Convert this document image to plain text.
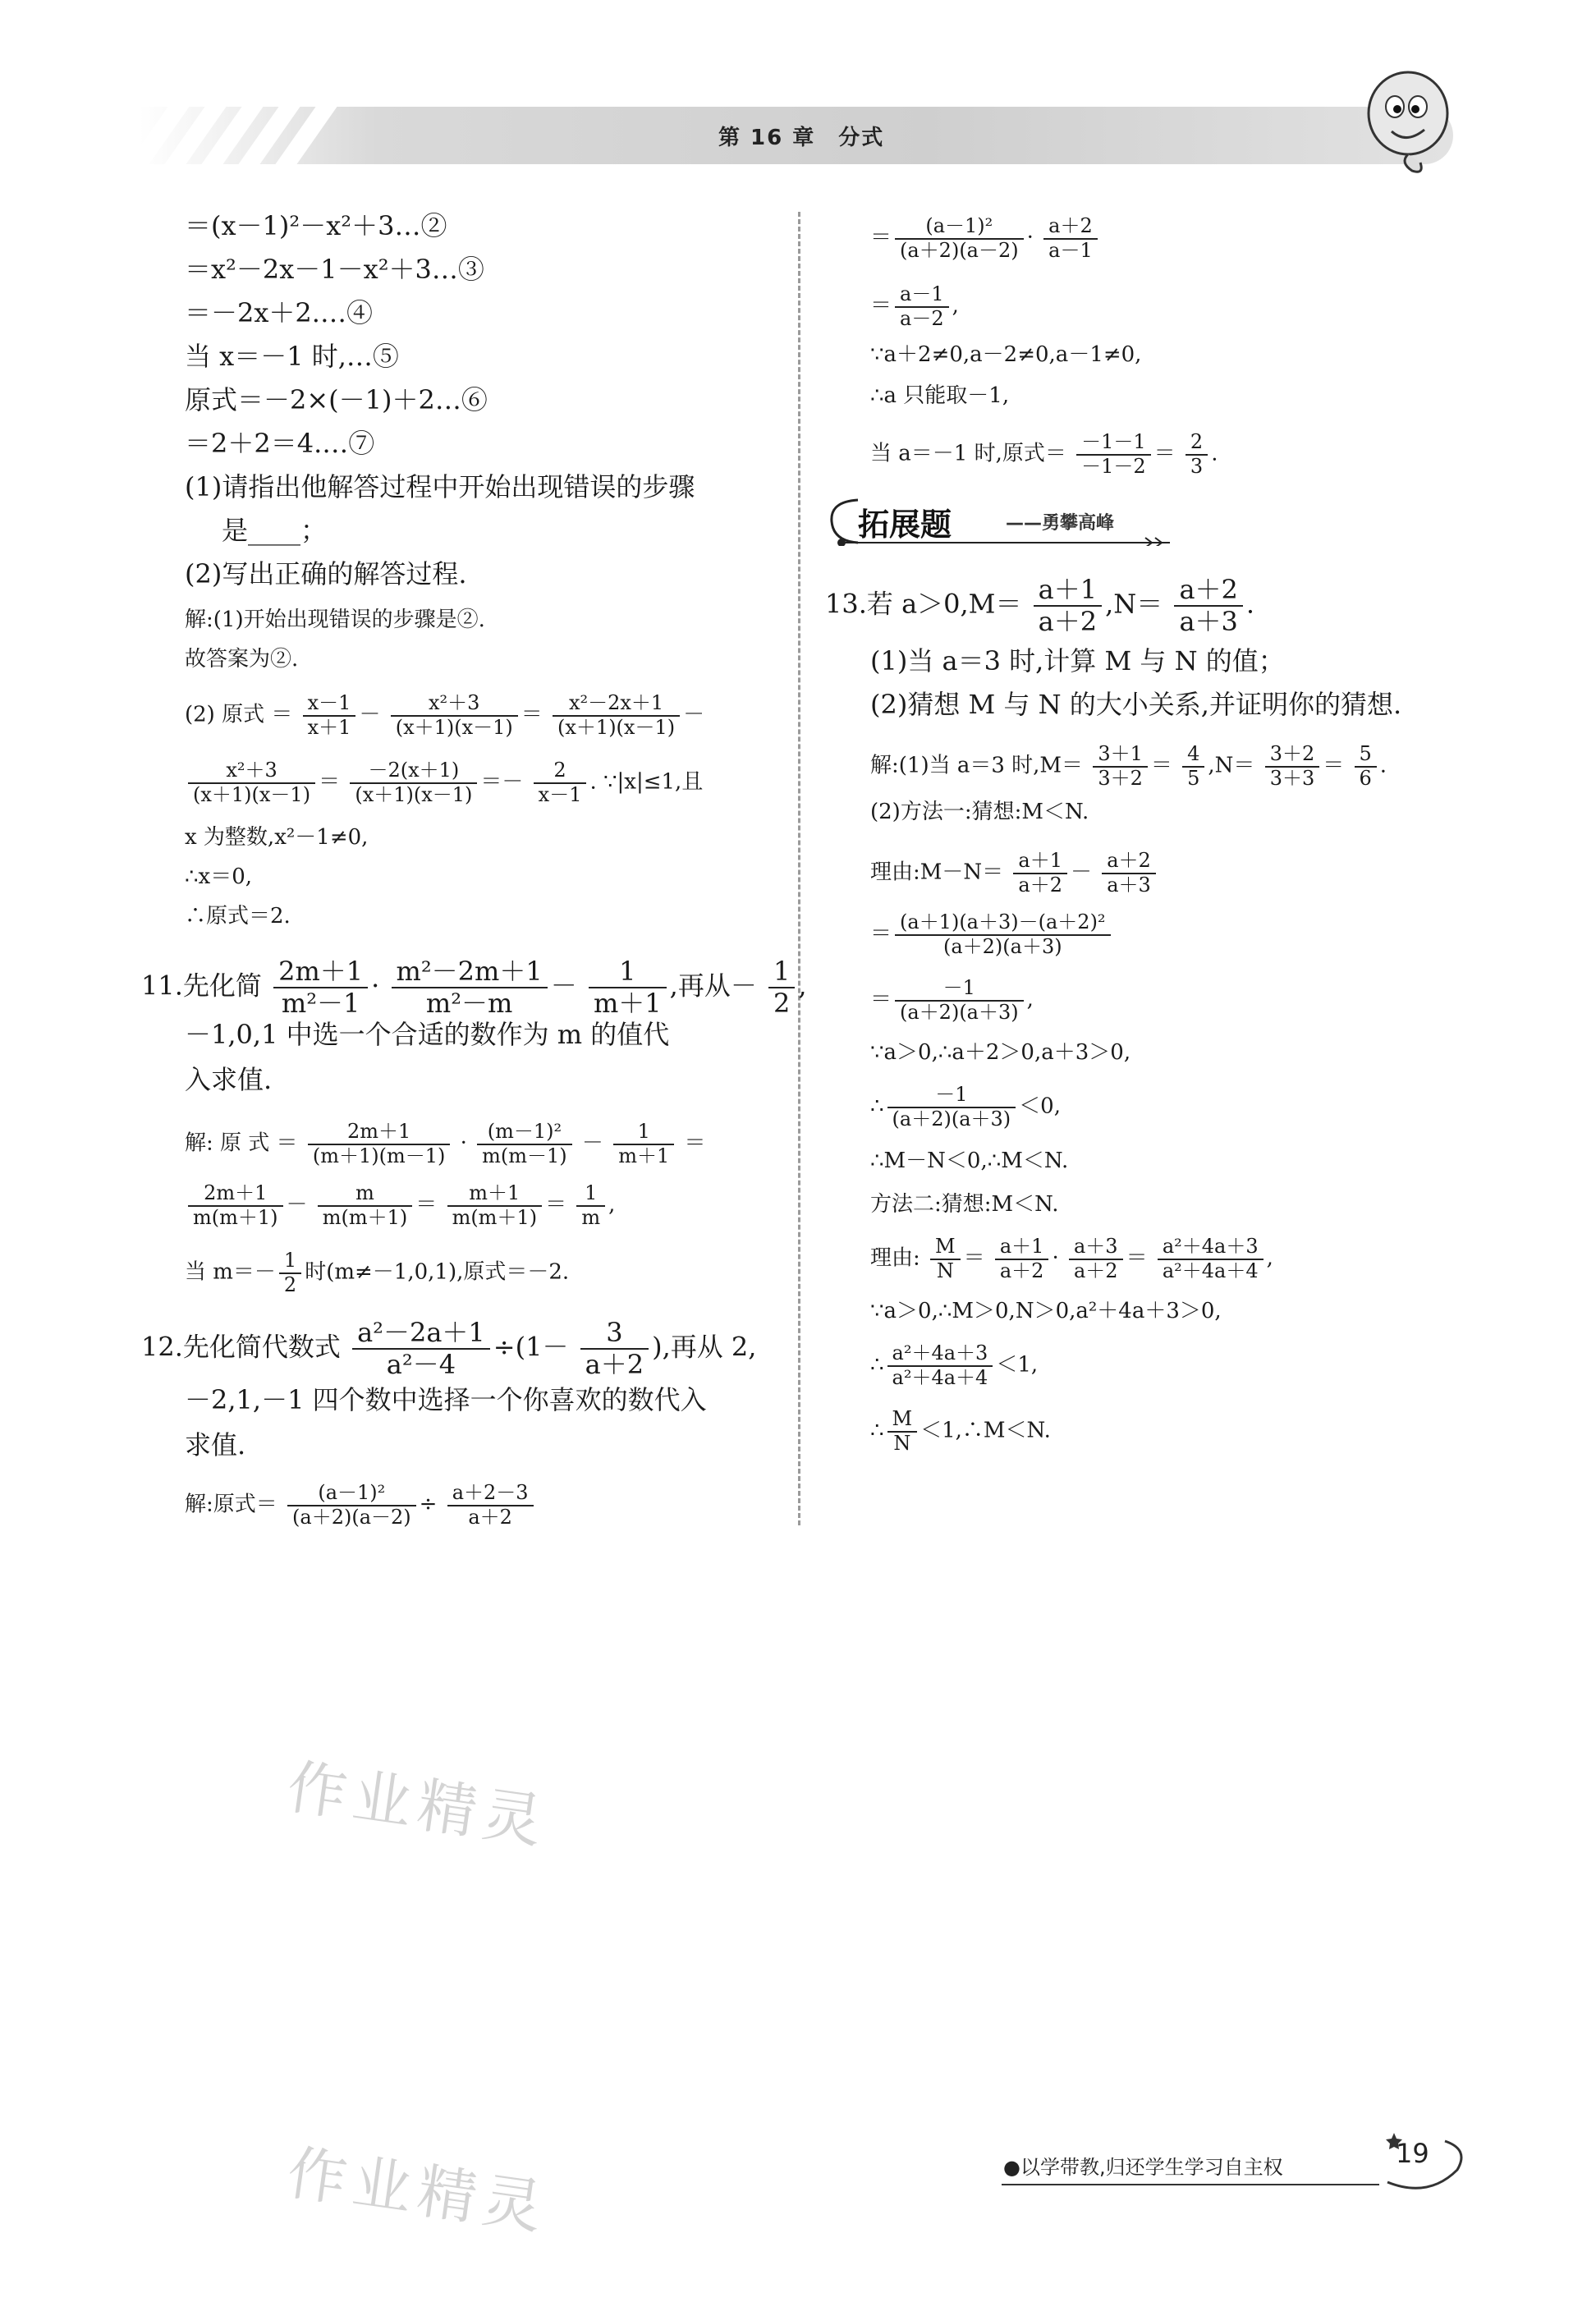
第 16 章　分式
＝(x－1)²－x²＋3…②
＝x²－2x－1－x²＋3…③
＝－2x＋2.…④
当 x＝－1 时,…⑤
原式＝－2×(－1)＋2…⑥
＝2＋2＝4.…⑦
(1)请指出他解答过程中开始出现错误的步骤
是____；
(2)写出正确的解答过程.
解:(1)开始出现错误的步骤是②.
故答案为②.
(2) 原式 ＝ $\frac{x-1}{x+1} - \frac{\text{x²＋3}}{(x+1)(x-1)} = \frac{\text{x²－2x＋1}}{(x+1)(x-1)}$ －
$\frac{\text{x²＋3}}{(x+1)(x-1)} = \frac{-2(x+1)}{(x+1)(x-1)} =- \frac{2}{x-1}$ . ∵|x|≤1,且
x 为整数,x²－1≠0,
∴x＝0,
∴原式＝2.
11.先化简 $\frac{2m+1}{\text{m²－1}} \cdot \frac{\text{m²－2m＋1}}{\text{m²－m}} - \frac{1}{m+1}$ ,再从－ $\frac{1}{2}$ ,
－1,0,1 中选一个合适的数作为 m 的值代
入求值.
解: 原 式 ＝ $\frac{2m+1}{(m+1)(m-1)} \cdot \frac{\text{(m－1)²}}{m(m-1)} - \frac{1}{m+1}$ ＝
$\frac{2m+1}{m(m+1)} - \frac{m}{m(m+1)} = \frac{m+1}{m(m+1)} = \frac{1}{m}$ ,
当 $m=- \frac{1}{2}$ 时(m≠－1,0,1),原式＝－2.
12.先化简代数式 $\frac{\text{a²－2a＋1}}{\text{a²－4}} \div(1- \frac{3}{a+2}$ ),再从 2,
－2,1,－1 四个数中选择一个你喜欢的数代入
求值.
解:原式＝ $\frac{\text{(a－1)²}}{(a+2)(a-2)} \div \frac{a+2-3}{a+2}$
＝ $\frac{\text{(a－1)²}}{(a+2)(a-2)} \cdot \frac{a+2}{a-1}$
＝ $\frac{a-1}{a-2}$ ,
∵a＋2≠0,a－2≠0,a－1≠0,
∴a 只能取－1,
当 a＝－1 时,原式＝ $\frac{-1-1}{-1-2} = \frac{2}{3}$ .
拓展题	——勇攀高峰
13.若 $a>0,M= \frac{a+1}{a+2} ,N= \frac{a+2}{a+3}$ .
(1)当 a＝3 时,计算 M 与 N 的值；
(2)猜想 M 与 N 的大小关系,并证明你的猜想.
解:(1)当 a＝3 时$,M= \frac{3+1}{3+2} = \frac{4}{5} ,N= \frac{3+2}{3+3} = \frac{5}{6}$ .
(2)方法一:猜想:M＜N.
理由:M－N＝ $\frac{a+1}{a+2} - \frac{a+2}{a+3}$
＝ $\frac{\text{(a＋1)(a＋3)－(a＋2)²}}{(a+2)(a+3)}$
＝ $\frac{-1}{(a+2)(a+3)}$ ,
∵a＞0,∴a＋2＞0,a＋3＞0,
∴ $\frac{-1}{(a+2)(a+3)} <0$,
∴M－N＜0,∴M＜N.
方法二:猜想:M＜N.
理由: $\frac{M}{N} = \frac{a+1}{a+2} \cdot \frac{a+3}{a+2} = \frac{\text{a²＋4a＋3}}{\text{a²＋4a＋4}}$ ,
∵a＞0,∴M＞0,N＞0,a²＋4a＋3＞0,
∴ $\frac{\text{a²＋4a＋3}}{\text{a²＋4a＋4}} <1$,
∴ $\frac{M}{N}$ ＜1,∴M＜N.
作业精灵
作业精灵	●以学带教,归还学生学习自主权	19
